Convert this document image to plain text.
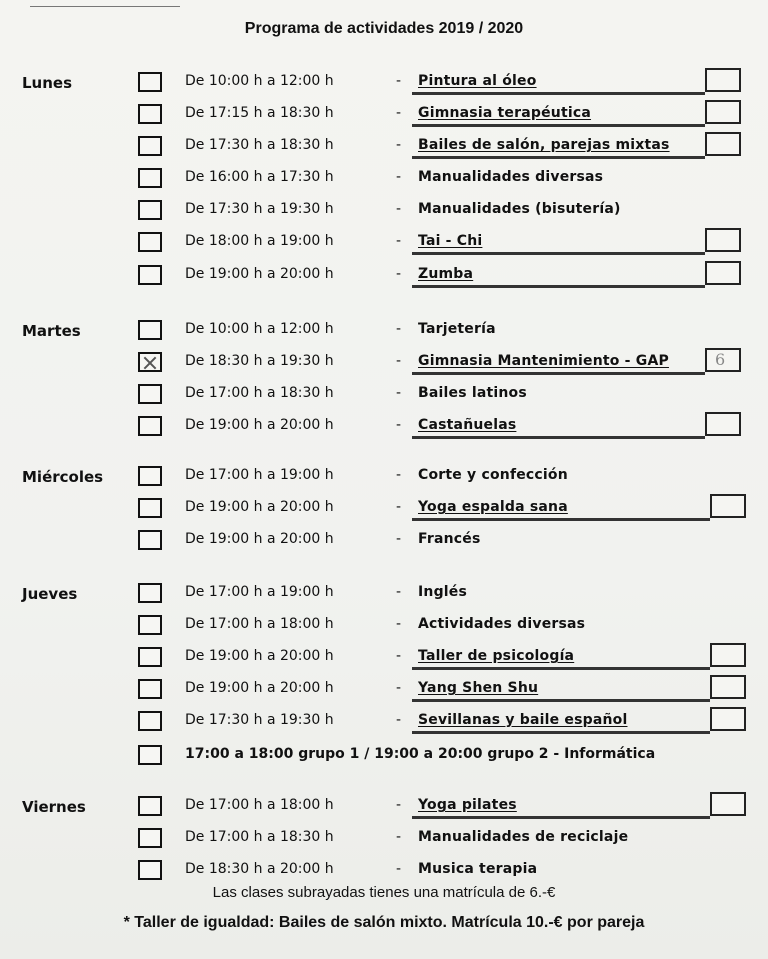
Programa de actividades 2019 / 2020
Lunes	De 10:00 h a 12:00 h	- Pintura al óleo
De 17:15 h a 18:30 h	- Gimnasia terapéutica
De 17:30 h a 18:30 h	- Bailes de salón, parejas mixtas
De 16:00 h a 17:30 h	- Manualidades diversas
De 17:30 h a 19:30 h	- Manualidades (bisutería)
De 18:00 h a 19:00 h	- Tai - Chi
De 19:00 h a 20:00 h	- Zumba
Martes	De 10:00 h a 12:00 h	- Tarjetería
De 18:30 h a 19:30 h	- Gimnasia Mantenimiento - GAP	6
De 17:00 h a 18:30 h	- Bailes latinos
De 19:00 h a 20:00 h	- Castañuelas
Miércoles	De 17:00 h a 19:00 h	- Corte y confección
De 19:00 h a 20:00 h	- Yoga espalda sana
De 19:00 h a 20:00 h	- Francés
Jueves	De 17:00 h a 19:00 h	- Inglés
De 17:00 h a 18:00 h	- Actividades diversas
De 19:00 h a 20:00 h	- Taller de psicología
De 19:00 h a 20:00 h	- Yang Shen Shu
De 17:30 h a 19:30 h	- Sevillanas y baile español
17:00 a 18:00 grupo 1 / 19:00 a 20:00 grupo 2 - Informática
Viernes	De 17:00 h a 18:00 h	- Yoga pilates
De 17:00 h a 18:30 h	- Manualidades de reciclaje
De 18:30 h a 20:00 h	- Musica terapia
Las clases subrayadas tienes una matrícula de 6.-€
* Taller de igualdad: Bailes de salón mixto. Matrícula 10.-€ por pareja
